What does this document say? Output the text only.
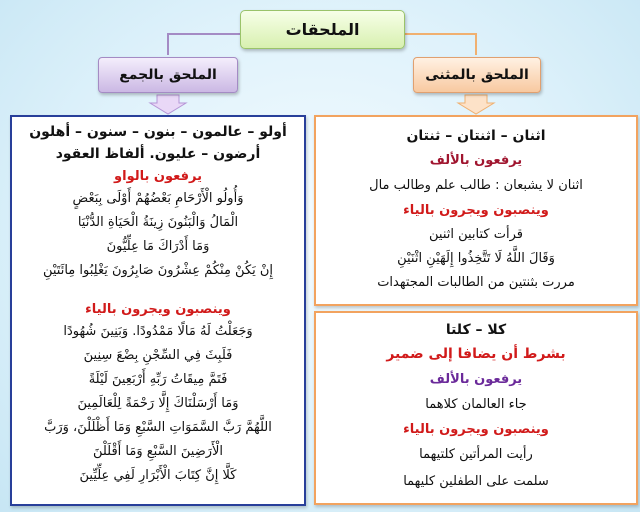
الملحقات
الملحق بالجمع	الملحق بالمثنى
أولو – عالمون – بنون – سنون – أهلون
أرضون – عليون. ألفاظ العقود
يرفعون بالواو
وَأُولُو الْأَرْحَامِ بَعْضُهُمْ أَوْلَى بِبَعْضٍ
الْمَالُ وَالْبَنُونَ زِينَةُ الْحَيَاةِ الدُّنْيَا
وَمَا أَدْرَاكَ مَا عِلِّيُّونَ
إِنْ يَكُنْ مِنْكُمْ عِشْرُونَ صَابِرُونَ يَغْلِبُوا مِائَتَيْنِ
وينصبون ويجرون بالياء
وَجَعَلْتُ لَهُ مَالًا مَمْدُودًا. وَبَنِينَ شُهُودًا
فَلَبِثَ فِي السِّجْنِ بِضْعَ سِنِينَ
فَتَمَّ مِيقَاتُ رَبِّهِ أَرْبَعِينَ لَيْلَةً
وَمَا أَرْسَلْنَاكَ إِلَّا رَحْمَةً لِلْعَالَمِينَ
اللَّهُمَّ رَبَّ السَّمَوَاتِ السَّبْعِ وَمَا أَظْلَلْنَ، وَرَبَّ
الْأَرَضِينَ السَّبْعِ وَمَا أَقْلَلْنَ
كَلَّا إِنَّ كِتَابَ الْأَبْرَارِ لَفِي عِلِّيِّينَ
اثنان – اثنتان – ثنتان
يرفعون بالألف
اثنان لا يشبعان : طالب علم وطالب مال
وينصبون ويجرون بالياء
قرأت كتابين اثنين
وَقَالَ اللَّهُ لَا تَتَّخِذُوا إِلَهَيْنِ اثْنَيْنِ
مررت بثنتين من الطالبات المجتهدات
كلا – كلتا
بشرط أن يضافا إلى ضمير
يرفعون بالألف
جاء العالمان كلاهما
وينصبون ويجرون بالياء
رأيت المرأتين كلتيهما
سلمت على الطفلين كليهما
